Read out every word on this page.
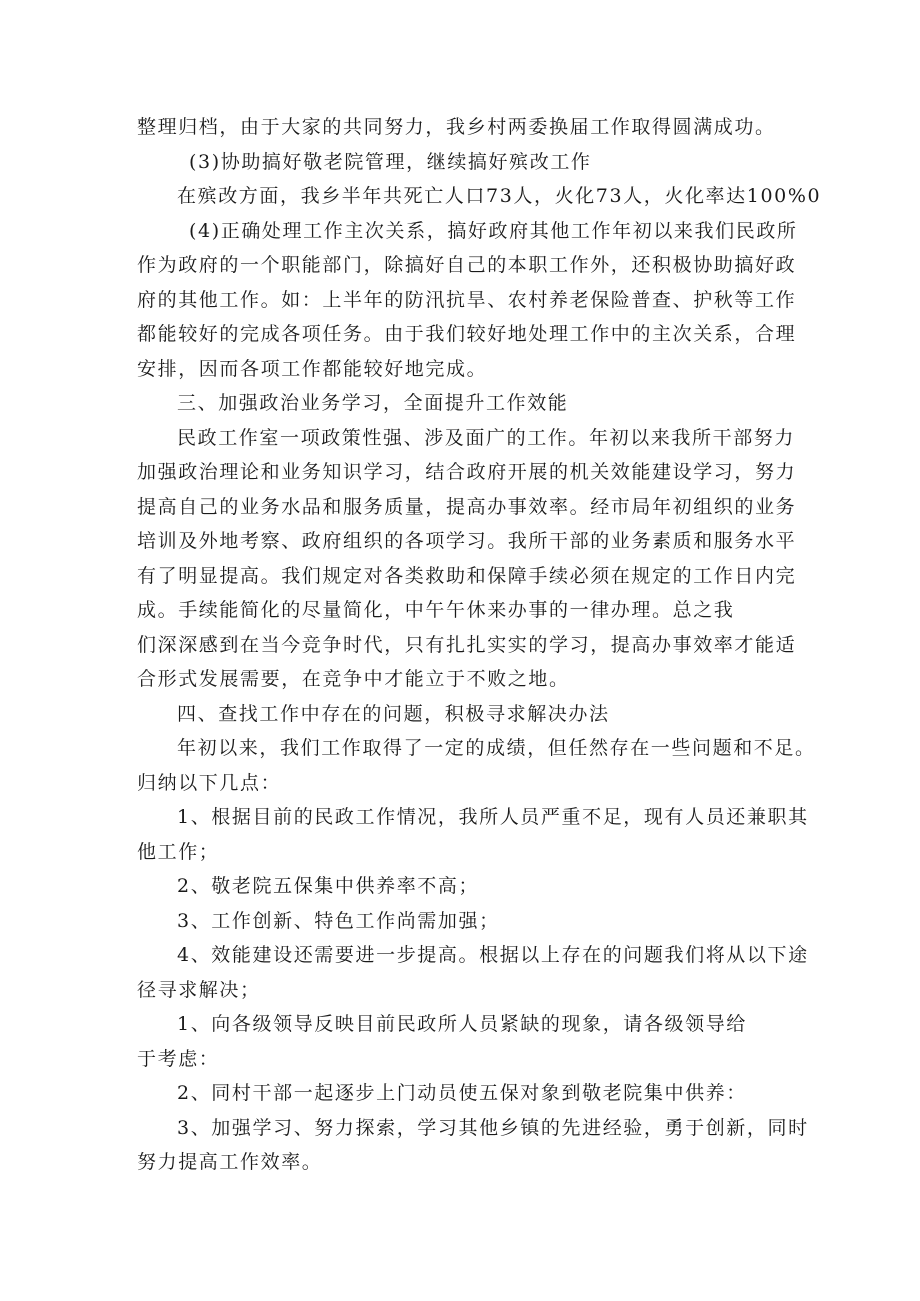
整理归档，由于大家的共同努力，我乡村两委换届工作取得圆满成功。
(3)协助搞好敬老院管理，继续搞好殡改工作
在殡改方面，我乡半年共死亡人口73人，火化73人，火化率达100%0
(4)正确处理工作主次关系，搞好政府其他工作年初以来我们民政所
作为政府的一个职能部门，除搞好自己的本职工作外，还积极协助搞好政
府的其他工作。如：上半年的防汛抗旱、农村养老保险普查、护秋等工作
都能较好的完成各项任务。由于我们较好地处理工作中的主次关系，合理
安排，因而各项工作都能较好地完成。
三、加强政治业务学习，全面提升工作效能
民政工作室一项政策性强、涉及面广的工作。年初以来我所干部努力
加强政治理论和业务知识学习，结合政府开展的机关效能建设学习，努力
提高自己的业务水品和服务质量，提高办事效率。经市局年初组织的业务
培训及外地考察、政府组织的各项学习。我所干部的业务素质和服务水平
有了明显提高。我们规定对各类救助和保障手续必须在规定的工作日内完
成。手续能简化的尽量简化，中午午休来办事的一律办理。总之我
们深深感到在当今竞争时代，只有扎扎实实的学习，提高办事效率才能适
合形式发展需要，在竞争中才能立于不败之地。
四、查找工作中存在的问题，积极寻求解决办法
年初以来，我们工作取得了一定的成绩，但任然存在一些问题和不足。
归纳以下几点：
1、根据目前的民政工作情况，我所人员严重不足，现有人员还兼职其
他工作；
2、敬老院五保集中供养率不高；
3、工作创新、特色工作尚需加强；
4、效能建设还需要进一步提高。根据以上存在的问题我们将从以下途
径寻求解决；
1、向各级领导反映目前民政所人员紧缺的现象，请各级领导给
于考虑：
2、同村干部一起逐步上门动员使五保对象到敬老院集中供养：
3、加强学习、努力探索，学习其他乡镇的先进经验，勇于创新，同时
努力提高工作效率。
